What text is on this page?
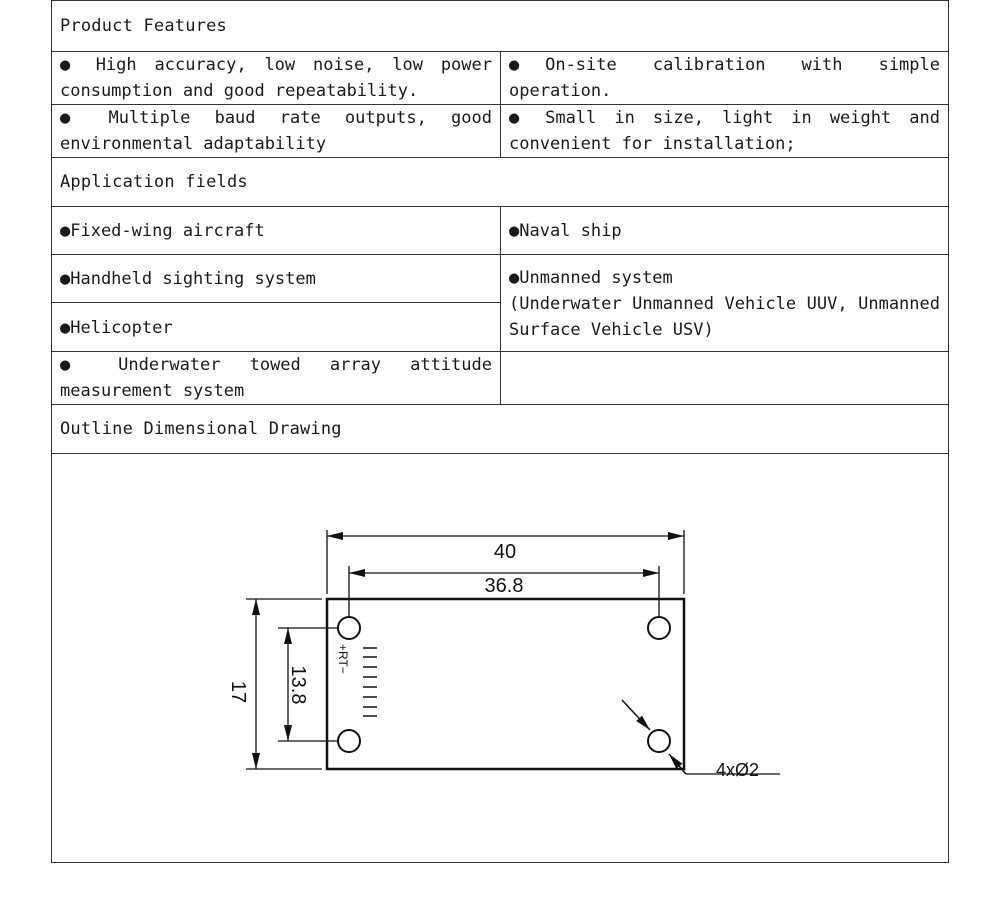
Product Features
● High accuracy, low noise, low power consumption and good repeatability.
●On-site calibration with simple operation.
● Multiple baud rate outputs, good environmental adaptability
● Small in size, light in weight and convenient for installation;
Application fields
●Fixed-wing aircraft	●Naval ship
●Handheld sighting system
●Helicopter
●Unmanned system
(Underwater Unmanned Vehicle UUV, Unmanned Surface Vehicle USV)
● Underwater towed array attitude measurement system
Outline Dimensional Drawing
+RT−
40
36.8
17 13.8
4xØ2
